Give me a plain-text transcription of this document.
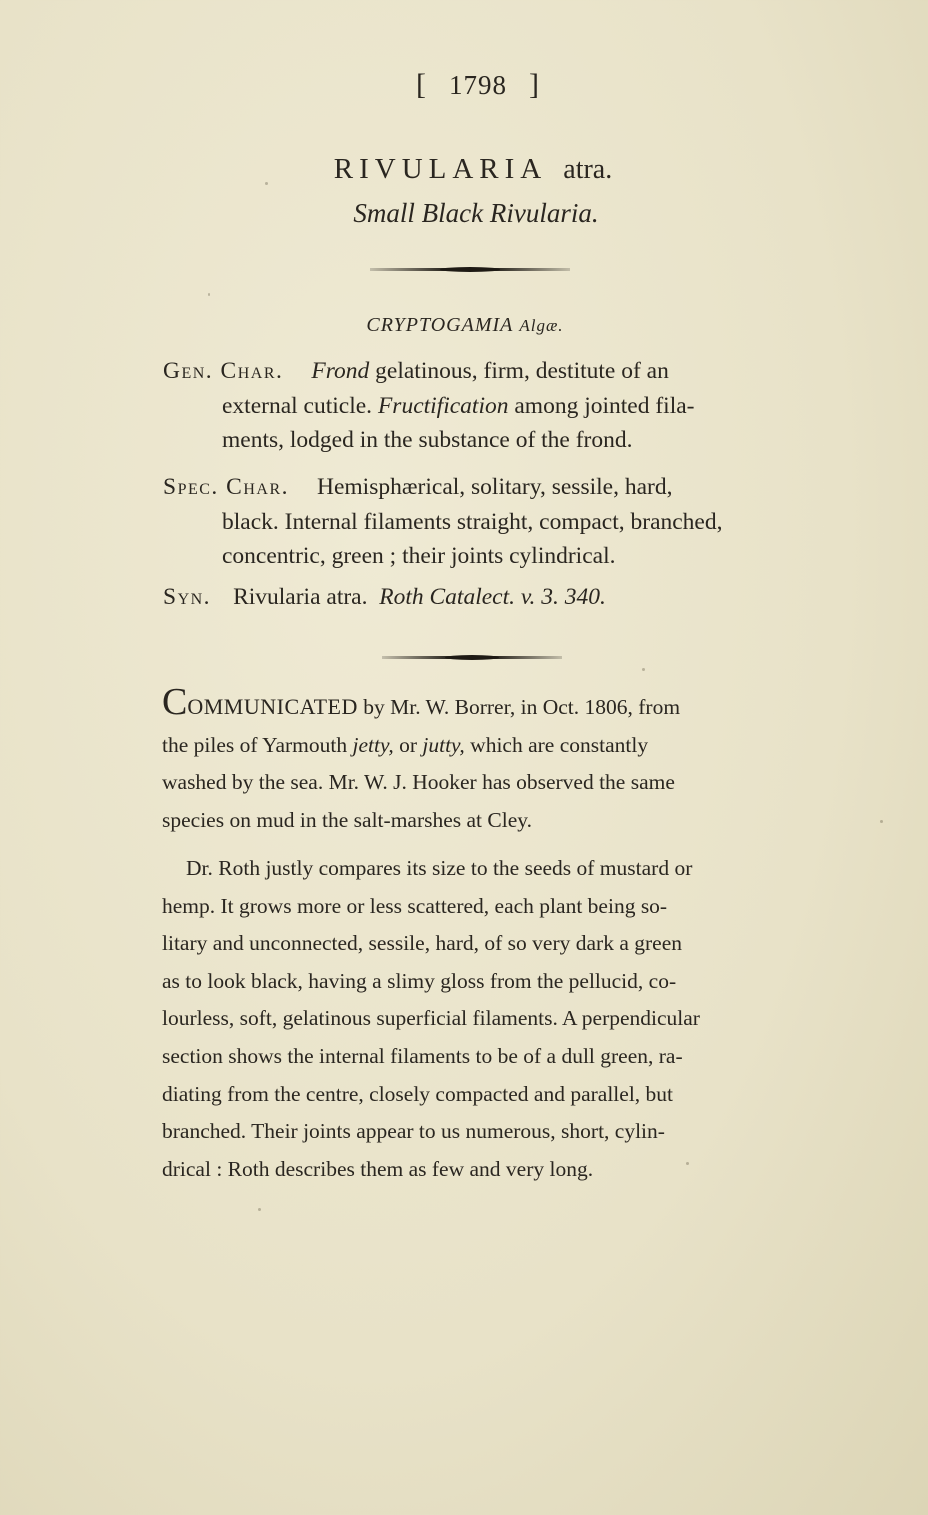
[ 1798 ]
RIVULARIA atra.
Small Black Rivularia.
CRYPTOGAMIA Algæ.
Gen. Char. Frond gelatinous, firm, destitute of an
external cuticle. Fructification among jointed fila-
ments, lodged in the substance of the frond.
Spec. Char. Hemisphærical, solitary, sessile, hard,
black. Internal filaments straight, compact, branched,
concentric, green ; their joints cylindrical.
Syn. Rivularia atra. Roth Catalect. v. 3. 340.
COMMUNICATED by Mr. W. Borrer, in Oct. 1806, from
the piles of Yarmouth jetty, or jutty, which are constantly
washed by the sea. Mr. W. J. Hooker has observed the same
species on mud in the salt-marshes at Cley.
Dr. Roth justly compares its size to the seeds of mustard or
hemp. It grows more or less scattered, each plant being so-
litary and unconnected, sessile, hard, of so very dark a green
as to look black, having a slimy gloss from the pellucid, co-
lourless, soft, gelatinous superficial filaments. A perpendicular
section shows the internal filaments to be of a dull green, ra-
diating from the centre, closely compacted and parallel, but
branched. Their joints appear to us numerous, short, cylin-
drical : Roth describes them as few and very long.
